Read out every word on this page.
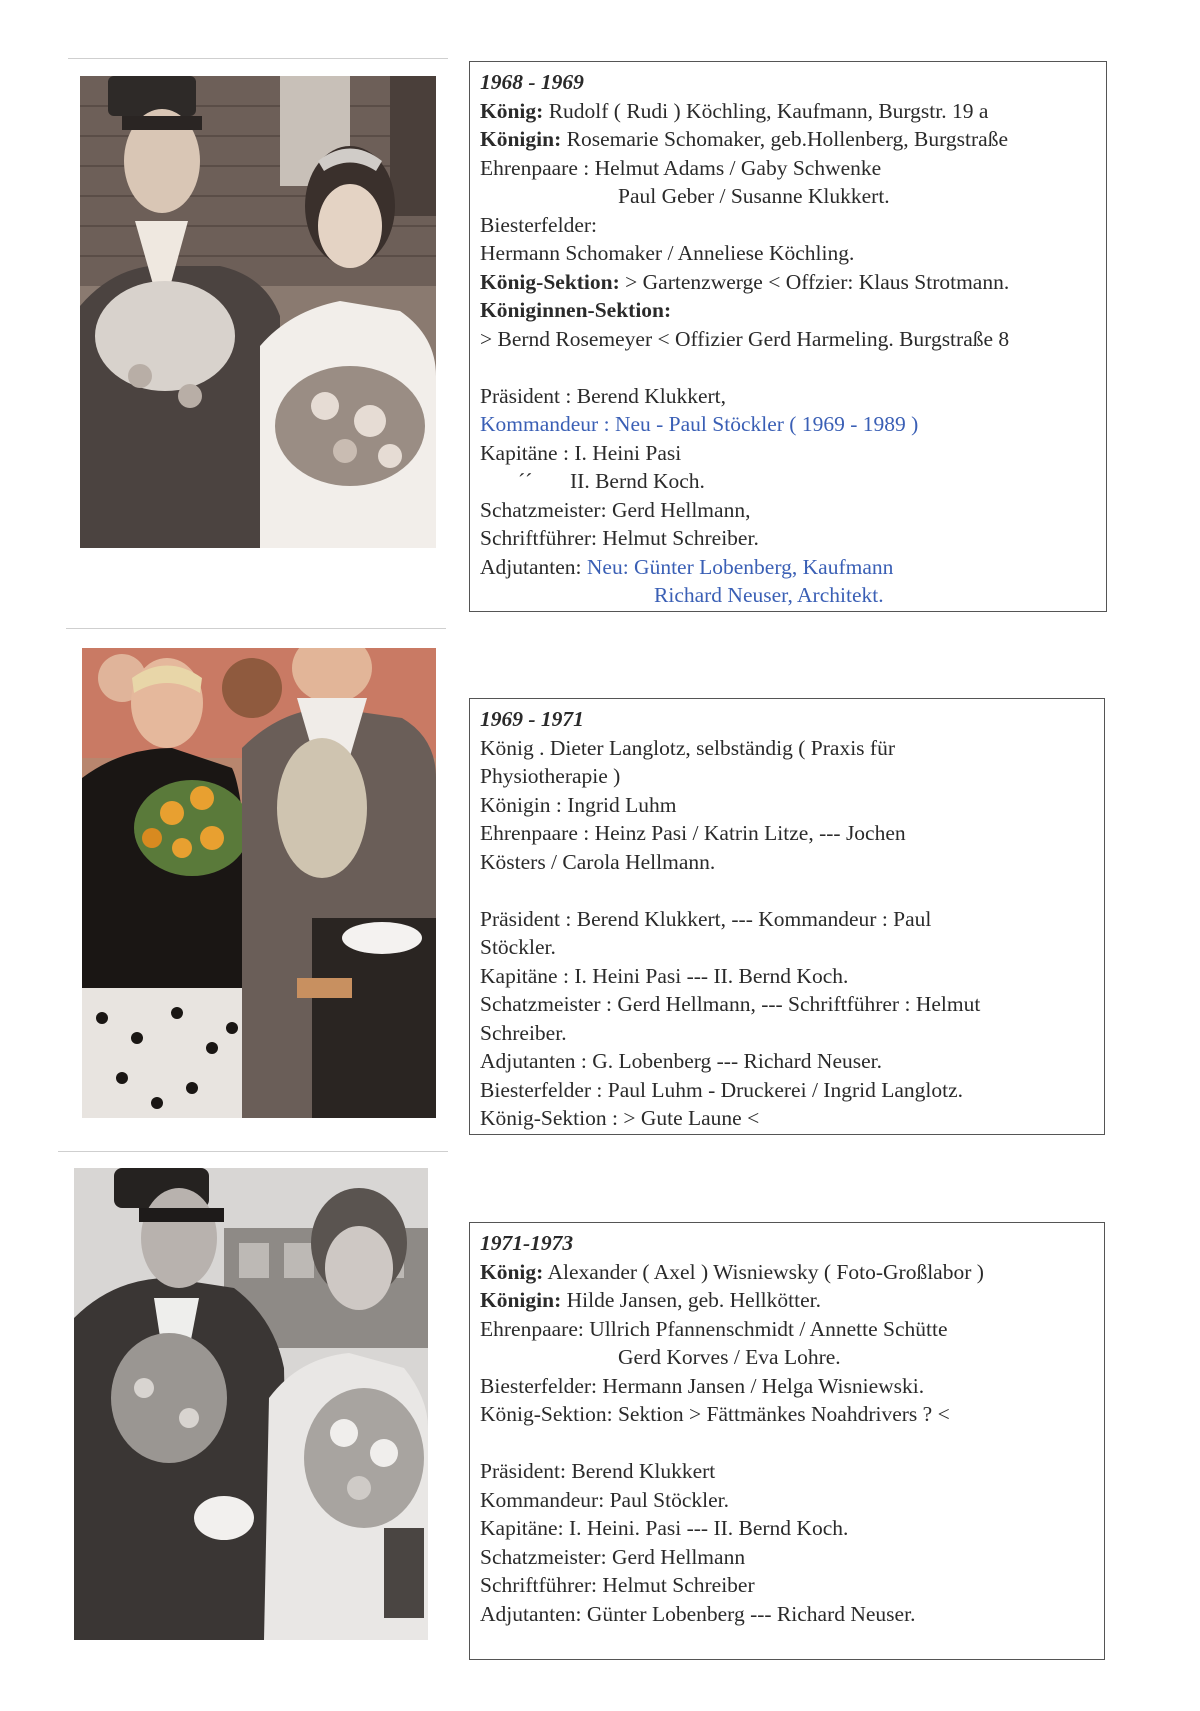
1968 - 1969

König: Rudolf ( Rudi ) Köchling, Kaufmann, Burgstr. 19 a

Königin: Rosemarie Schomaker, geb.Hollenberg, Burgstraße

Ehrenpaare : Helmut Adams / Gaby Schwenke

Paul Geber / Susanne Klukkert.

Biesterfelder:

Hermann Schomaker / Anneliese Köchling.

König-Sektion: > Gartenzwerge < Offzier: Klaus Strotmann.

Königinnen-Sektion:

> Bernd Rosemeyer < Offizier Gerd Harmeling. Burgstraße 8

Präsident : Berend Klukkert,

Kommandeur : Neu - Paul Stöckler ( 1969 - 1989 )

Kapitäne : I. Heini Pasi

´´ II. Bernd Koch.

Schatzmeister: Gerd Hellmann,

Schriftführer: Helmut Schreiber.

Adjutanten: Neu: Günter Lobenberg, Kaufmann

Richard Neuser, Architekt.

1969 - 1971

König . Dieter Langlotz, selbständig ( Praxis für

Physiotherapie )

Königin : Ingrid Luhm

Ehrenpaare : Heinz Pasi / Katrin Litze, --- Jochen

Kösters / Carola Hellmann.

Präsident : Berend Klukkert, --- Kommandeur : Paul

Stöckler.

Kapitäne : I. Heini Pasi --- II. Bernd Koch.

Schatzmeister : Gerd Hellmann, --- Schriftführer : Helmut

Schreiber.

Adjutanten : G. Lobenberg --- Richard Neuser.

Biesterfelder : Paul Luhm - Druckerei / Ingrid Langlotz.

König-Sektion : > Gute Laune <

1971-1973

König: Alexander ( Axel ) Wisniewsky ( Foto-Großlabor )

Königin: Hilde Jansen, geb. Hellkötter.

Ehrenpaare: Ullrich Pfannenschmidt / Annette Schütte

Gerd Korves / Eva Lohre.

Biesterfelder: Hermann Jansen / Helga Wisniewski.

König-Sektion: Sektion > Fättmänkes Noahdrivers ? <

Präsident: Berend Klukkert

Kommandeur: Paul Stöckler.

Kapitäne: I. Heini. Pasi --- II. Bernd Koch.

Schatzmeister: Gerd Hellmann

Schriftführer: Helmut Schreiber

Adjutanten: Günter Lobenberg --- Richard Neuser.
